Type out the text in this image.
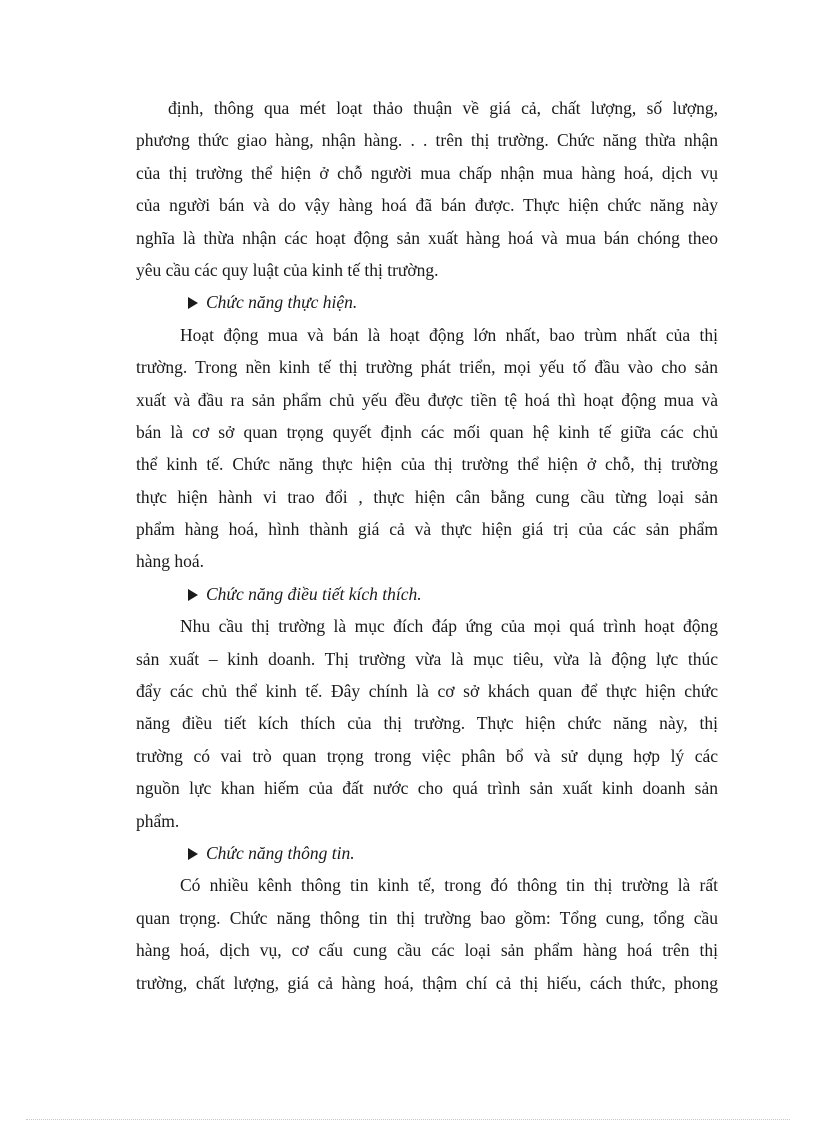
định, thông qua mét loạt thảo thuận về giá cả, chất lượng, số lượng,
phương thức giao hàng, nhận hàng. . . trên thị trường. Chức năng thừa nhận
của thị trường thể hiện ở chỗ người mua chấp nhận mua hàng hoá, dịch vụ
của người bán và do vậy hàng hoá đã bán được. Thực hiện chức năng này
nghĩa là thừa nhận các hoạt động sản xuất hàng hoá và mua bán chóng theo
yêu cầu các quy luật của kinh tế thị trường.
Chức năng thực hiện.
Hoạt động mua và bán là hoạt động lớn nhất, bao trùm nhất của thị
trường. Trong nền kinh tế thị trường phát triển, mọi yếu tố đầu vào cho sản
xuất và đầu ra sản phẩm chủ yếu đều được tiền tệ hoá thì hoạt động mua và
bán là cơ sở quan trọng quyết định các mối quan hệ kinh tế giữa các chủ
thể kinh tế. Chức năng thực hiện của thị trường thể hiện ở chỗ, thị trường
thực hiện hành vi trao đổi , thực hiện cân bằng cung cầu từng loại sản
phẩm hàng hoá, hình thành giá cả và thực hiện giá trị của các sản phẩm
hàng hoá.
Chức năng điều tiết kích thích.
Nhu cầu thị trường là mục đích đáp ứng của mọi quá trình hoạt động
sản xuất – kinh doanh. Thị trường vừa là mục tiêu, vừa là động lực thúc
đẩy các chủ thể kinh tế. Đây chính là cơ sở khách quan để thực hiện chức
năng điều tiết kích thích của thị trường. Thực hiện chức năng này, thị
trường có vai trò quan trọng trong việc phân bổ và sử dụng hợp lý các
nguồn lực khan hiếm của đất nước cho quá trình sản xuất kinh doanh sản
phẩm.
Chức năng thông tin.
Có nhiều kênh thông tin kinh tế, trong đó thông tin thị trường là rất
quan trọng. Chức năng thông tin thị trường bao gồm: Tổng cung, tổng cầu
hàng hoá, dịch vụ, cơ cấu cung cầu các loại sản phẩm hàng hoá trên thị
trường, chất lượng, giá cả hàng hoá, thậm chí cả thị hiếu, cách thức, phong
